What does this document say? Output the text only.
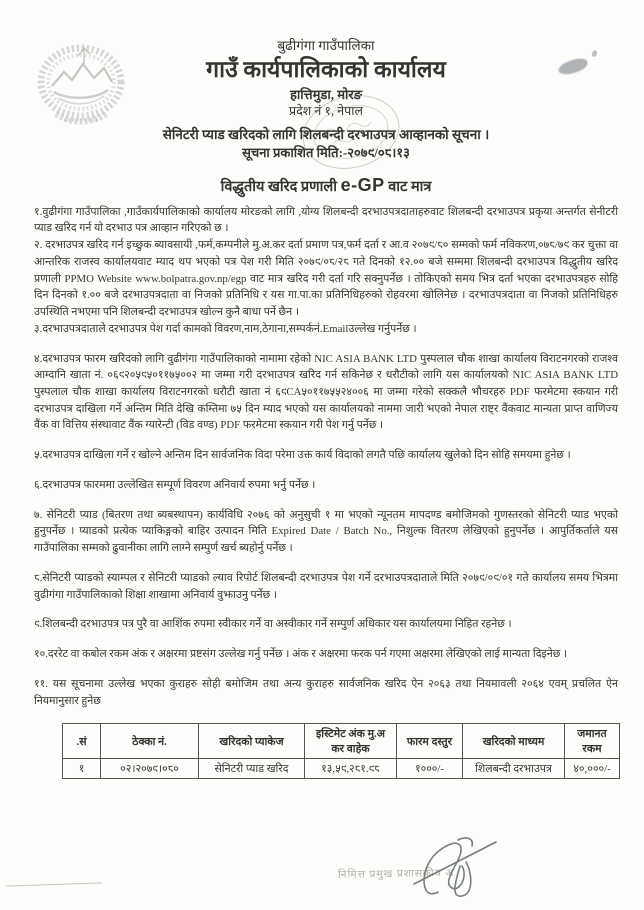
बुढीगंगा गाउँपालिका
गाउँ कार्यपालिकाको कार्यालय
हात्तिमुडा, मोरङ
प्रदेश नं १, नेपाल
सेनिटरी प्याड खरिदको लागि शिलबन्दी दरभाउपत्र आव्हानको सूचना ।
सूचना प्रकाशित मिति:-२०७९/०८।१३
विद्धुतीय खरिद प्रणाली e-GP वाट मात्र

१.वुढीगंगा गाउँपालिका ,गाउँकार्यपालिकाको कार्यालय मोरङको लागि ,योग्य शिलबन्दी दरभाउपत्रदाताहरुवाट शिलबन्दी दरभाउपत्र प्रकृया अन्तर्गत सेनीटरी प्याड खरिद गर्न यो दरभाउ पत्र आव्हान गरिएको छ ।

२. दरभाउपत्र खरिद गर्न इच्छुक ब्यावसायी ,फर्म,कम्पनीले मु.अ.कर दर्ता प्रमाण पत्र,फर्म दर्ता र आ.व २०७९/८० सम्मको फर्म नविकरण,०७८/७९ कर चुक्ता वा आन्तरिक राजस्व कार्यालयवाट म्याद थप भएको पत्र पेश गरी मिति २०७९/०८/२८ गते दिनको १२.०० बजे सम्ममा शिलबन्दी दरभाउपत्र विद्धुतीय खरिद प्रणाली PPMO Website www.bolpatra.gov.np/egp वाट मात्र खरिद गरी दर्ता गरि सक्नुपर्नेछ । तोकिएको समय भित्र दर्ता भएका दरभाउपत्रहरु सोहि दिन दिनको १.०० बजे दरभाउपत्रदाता वा निजको प्रतिनिधि र यस गा.पा.का प्रतिनिधिहरुको रोहवरमा खोलिनेछ । दरभाउपत्रदाता वा निजको प्रतिनिधिहरु उपस्थिति नभएमा पनि शिलबन्दी दरभाउपत्र खोल्न कुनै बाधा पर्ने छैन ।

३.दरभाउपत्रदाताले दरभाउपत्र पेश गर्दा कामको विवरण,नाम,ठेगाना,सम्पर्कनं.Emailउल्लेख गर्नुपर्नेछ ।

४.दरभाउपत्र फारम खरिदको लागि वुढीगंगा गाउँपालिकाको नामामा रहेको NIC ASIA BANK LTD पुस्पलाल चौक शाखा कार्यालय विराटनगरको राजश्व आम्दानि खाता नं. ०६९२०५९५०११७५००२ मा जम्मा गरी दरभाउपत्र खरिद गर्न सकिनेछ र धरौटीको लागि यस कार्यालयको NIC ASIA BANK LTD पुस्पलाल चौक शाखा कार्यालय विराटनगरको धरौटी खाता नं ६९CA५०११७५५२४००६ मा जम्मा गरेको सक्कलै भौचरहरु PDF फरमेटमा स्कयान गरी दरभाउपत्र दाखिला गर्ने अन्तिम मिति देखि कम्तिमा ७५ दिन म्याद भएको यस कार्यालयको नाममा जारी भएको नेपाल राष्ट्र वैंकवाट मान्यता प्राप्त वाणिज्य वैंक वा वित्तिय संस्थावाट वैंक ग्यारेन्टी (विड वण्ड) PDF फरमेटमा स्कयान गरी पेश गर्नु पर्नेछ ।

५.दरभाउपत्र दाखिला गर्ने र खोल्ने अन्तिम दिन सार्वजनिक विदा परेमा उक्त कार्य विदाको लगतै पछि कार्यालय खुलेको दिन सोहि समयमा हुनेछ ।

६.दरभाउपत्र फारममा उल्लेखित सम्पूर्ण विवरण अनिवार्य रुपमा भर्नु पर्नेछ ।

७. सेनिटरी प्याड (बितरण तथा ब्यबस्थापन) कार्यविधि २०७६ को अनुसुची १ मा भएको न्यूनतम मापदण्ड बमोजिमको गुणस्तरको सेनिटरी प्याड भएको हुनुपर्नेछ । प्याडको प्रत्येक प्याकिङ्गको बाहिर उत्पादन मिति Expired Date / Batch No., निशुल्क वितरण लेखिएको हुनुपर्नेछ । आपुर्तिकर्ताले यस गाउँपालिका सम्मको ढुवानीका लागि लाग्ने सम्पुर्ण खर्च ब्यहोर्नु पर्नेछ ।

८.सेनिटरी प्याडको स्याम्पल र सेनिटरी प्याडको ल्याव रिपोर्ट शिलबन्दी दरभाउपत्र पेश गर्ने दरभाउपत्रदाताले मिति २०७९/०९/०१ गते कार्यालय समय भित्रमा वुढीगंगा गाउँपालिकाको शिक्षा शाखामा अनिवार्य वुझाउनु पर्नेछ ।

९.शिलबन्दी दरभाउपत्र पत्र पुरै वा आशिंक रुपमा स्वीकार गर्ने वा अस्वीकार गर्ने सम्पुर्ण अधिकार यस कार्यालयमा निहित रहनेछ ।

१०.दररेट वा कबोल रकम अंक र अक्षरमा प्रष्टसंग उल्लेख गर्नु पर्नेछ । अंक र अक्षरमा फरक पर्न गएमा अक्षरमा लेखिएको लाई मान्यता दिइनेछ ।

११. यस सूचनामा उल्लेख भएका कुराहरु सोही बमोजिम तथा अन्य कुराहरु सार्वजनिक खरिद ऐन २०६३ तथा नियमावली २०६४ एवम् प्रचलित ऐन नियमानुसार हुनेछ

.सं	ठेक्का नं.	खरिदको प्याकेज	इस्टिमेट अंक मु.अ कर वाहेक	फारम दस्तुर	खरिदको माध्यम	जमानत रकम
१	०२।२०७९।०८०	सेनिटरी प्याड खरिद	१३,५९,२८१.९८	१०००/-	शिलबन्दी दरभाउपत्र	४०,०००/-
निमित्त प्रमुख प्रशासकीय अ
